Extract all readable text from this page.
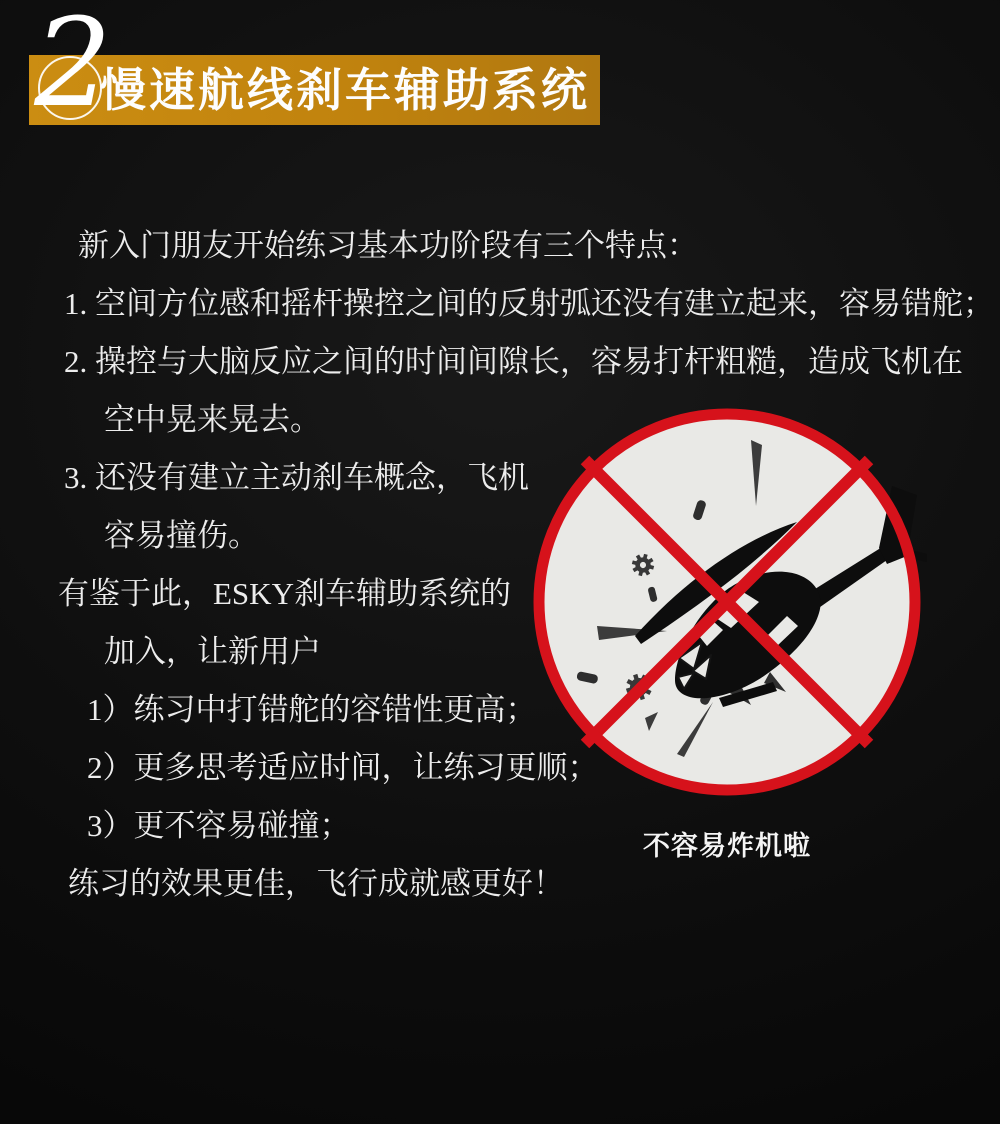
2
慢速航线刹车辅助系统
新入门朋友开始练习基本功阶段有三个特点：
1. 空间方位感和摇杆操控之间的反射弧还没有建立起来，容易错舵；
2. 操控与大脑反应之间的时间间隙长，容易打杆粗糙，造成飞机在
空中晃来晃去。
3. 还没有建立主动刹车概念，飞机
容易撞伤。
有鉴于此，ESKY刹车辅助系统的
加入，让新用户
1）练习中打错舵的容错性更高；
2）更多思考适应时间，让练习更顺；
3）更不容易碰撞；
练习的效果更佳，飞行成就感更好！
不容易炸机啦
